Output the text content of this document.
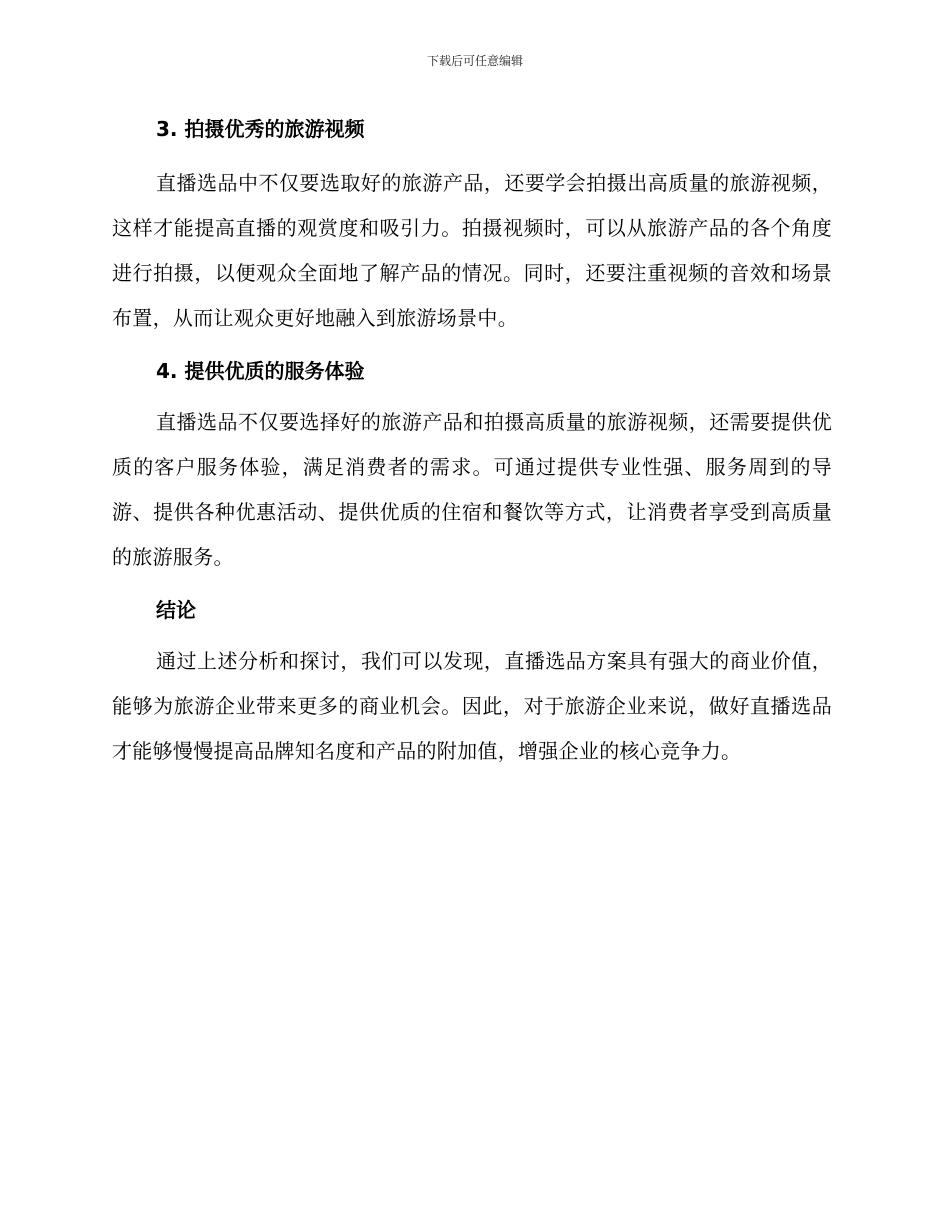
下载后可任意编辑
3. 拍摄优秀的旅游视频

直播选品中不仅要选取好的旅游产品，还要学会拍摄出高质量的旅游视频，这样才能提高直播的观赏度和吸引力。拍摄视频时，可以从旅游产品的各个角度进行拍摄，以便观众全面地了解产品的情况。同时，还要注重视频的音效和场景布置，从而让观众更好地融入到旅游场景中。

4. 提供优质的服务体验

直播选品不仅要选择好的旅游产品和拍摄高质量的旅游视频，还需要提供优质的客户服务体验，满足消费者的需求。可通过提供专业性强、服务周到的导游、提供各种优惠活动、提供优质的住宿和餐饮等方式，让消费者享受到高质量的旅游服务。

结论

通过上述分析和探讨，我们可以发现，直播选品方案具有强大的商业价值，能够为旅游企业带来更多的商业机会。因此，对于旅游企业来说，做好直播选品才能够慢慢提高品牌知名度和产品的附加值，增强企业的核心竞争力。
